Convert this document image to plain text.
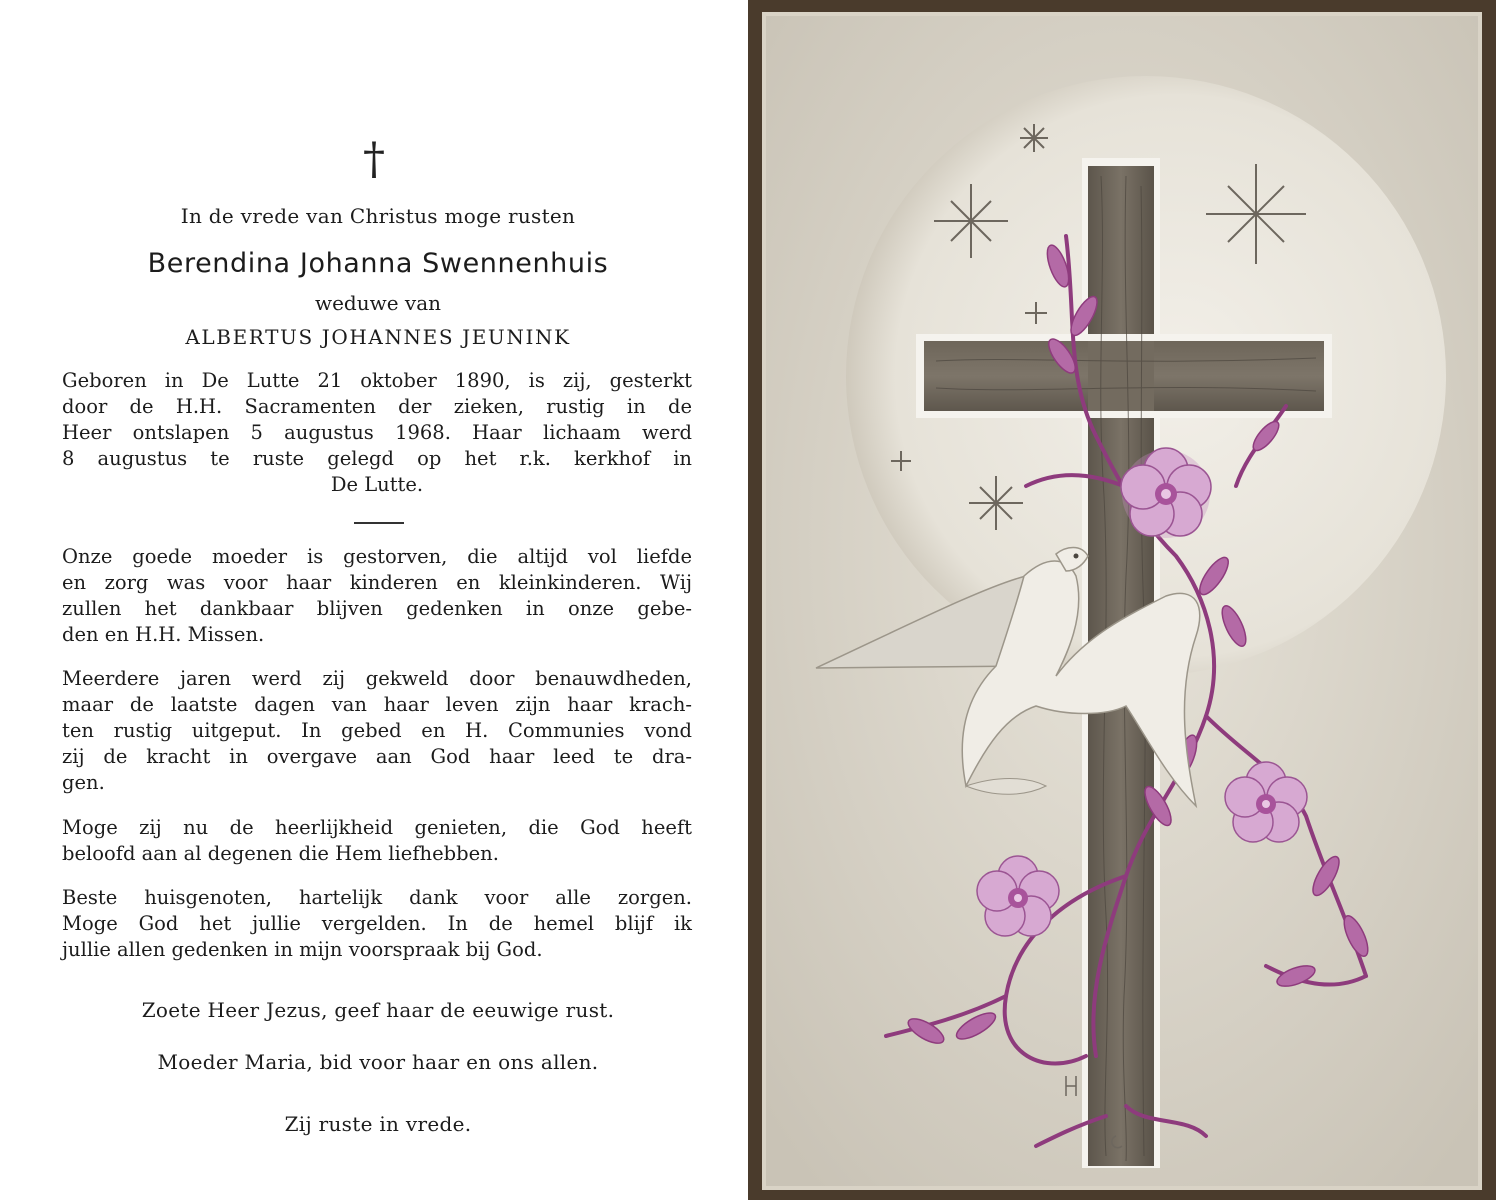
†
In de vrede van Christus moge rusten
Berendina Johanna Swennenhuis
weduwe van
ALBERTUS JOHANNES JEUNINK
Geboren in De Lutte 21 oktober 1890, is zij, gesterkt
door de H.H. Sacramenten der zieken, rustig in de
Heer ontslapen 5 augustus 1968. Haar lichaam werd
8 augustus te ruste gelegd op het r.k. kerkhof in
De Lutte.
Onze goede moeder is gestorven, die altijd vol liefde
en zorg was voor haar kinderen en kleinkinderen. Wij
zullen het dankbaar blijven gedenken in onze gebe-
den en H.H. Missen.
Meerdere jaren werd zij gekweld door benauwdheden,
maar de laatste dagen van haar leven zijn haar krach-
ten rustig uitgeput. In gebed en H. Communies vond
zij de kracht in overgave aan God haar leed te dra-
gen.
Moge zij nu de heerlijkheid genieten, die God heeft
beloofd aan al degenen die Hem liefhebben.
Beste huisgenoten, hartelijk dank voor alle zorgen.
Moge God het jullie vergelden. In de hemel blijf ik
jullie allen gedenken in mijn voorspraak bij God.
Zoete Heer Jezus, geef haar de eeuwige rust.
Moeder Maria, bid voor haar en ons allen.
Zij ruste in vrede.
